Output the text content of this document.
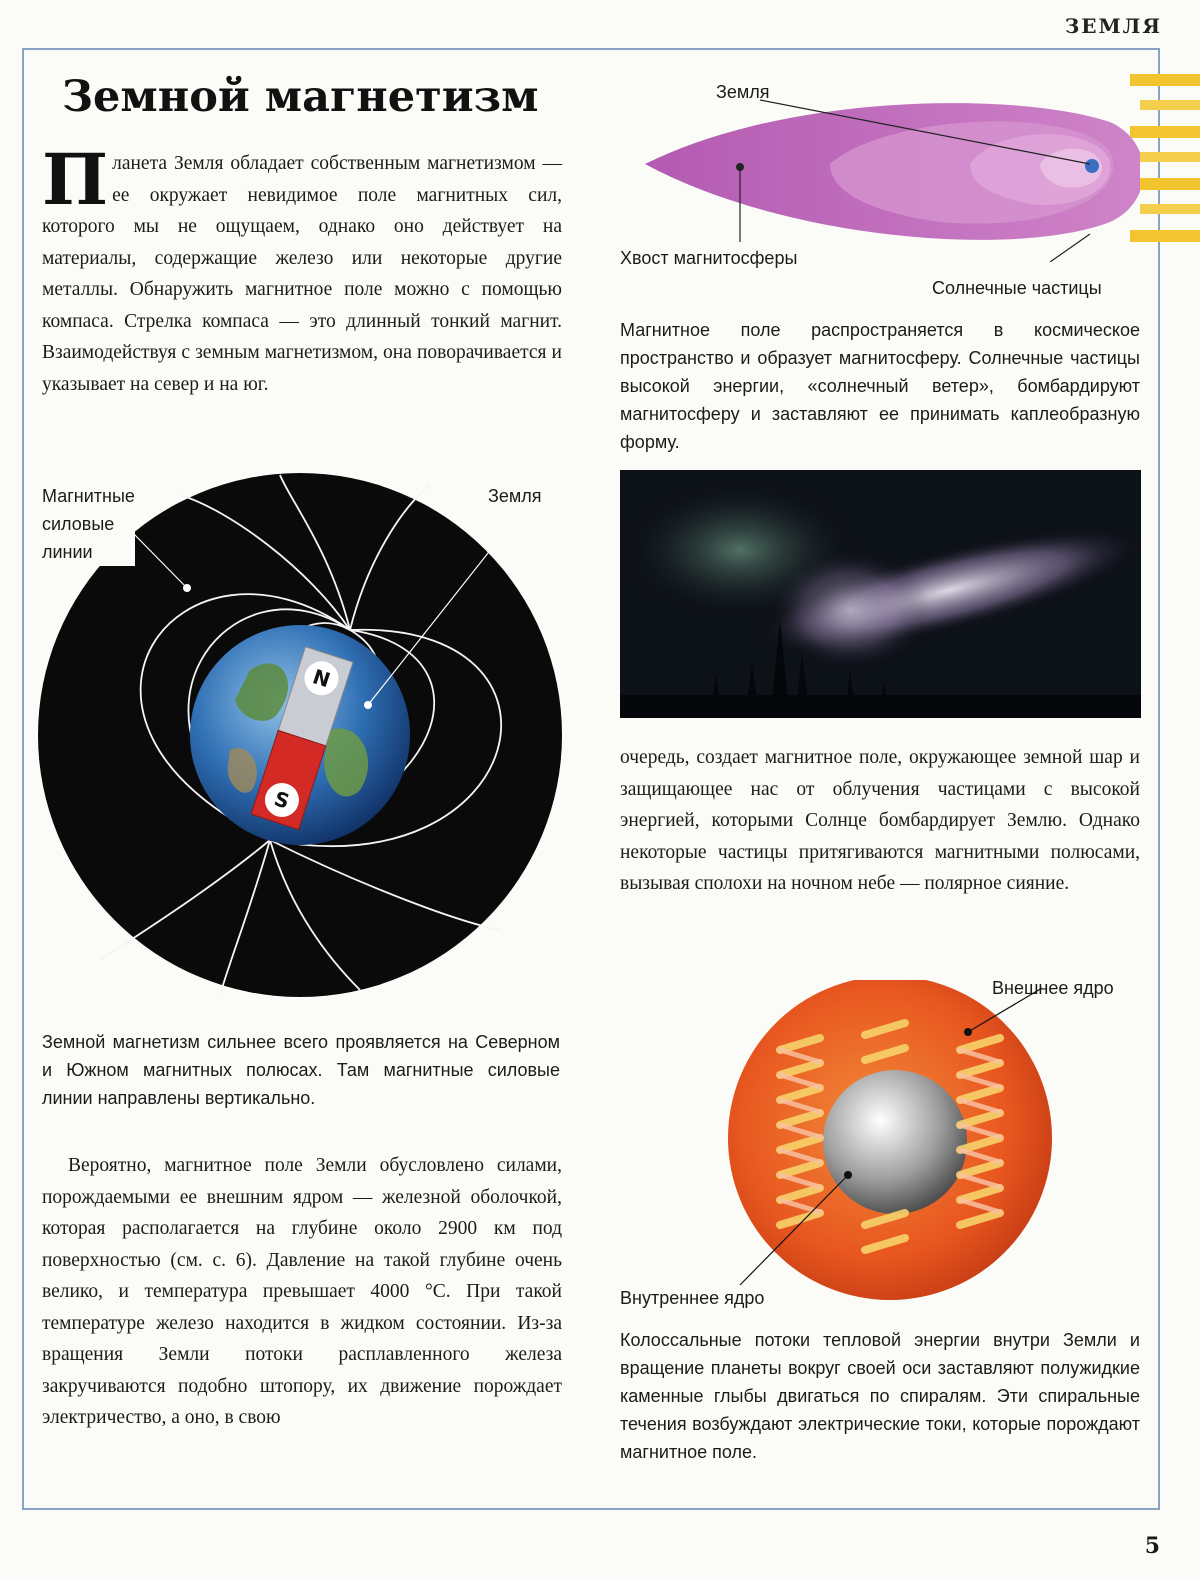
ЗЕМЛЯ
Земной магнетизм

Планета Земля обладает собственным магнетизмом — ее окружает невидимое поле магнитных сил, которого мы не ощущаем, однако оно действует на материалы, содержащие железо или некоторые другие металлы. Обнаружить магнитное поле можно с помощью компаса. Стрелка компаса — это длинный тонкий магнит. Взаимодействуя с земным магнетизмом, она поворачивается и указывает на север и на юг.

N
S

Магнитные
силовые
линии

Земля

Земной магнетизм сильнее всего проявляется на Северном и Южном магнитных полюсах. Там магнитные силовые линии направлены вертикально.

Вероятно, магнитное поле Земли обусловлено силами, порождаемыми ее внешним ядром — железной оболочкой, которая располагается на глубине около 2900 км под поверхностью (см. с. 6). Давление на такой глубине очень велико, и температура превышает 4000 °С. При такой температуре железо находится в жидком состоянии. Из-за вращения Земли потоки расплавленного железа закручиваются подобно штопору, их движение порождает электричество, а оно, в свою

Земля

Хвост магнитосферы

Солнечные частицы

Магнитное поле распространяется в космическое пространство и образует магнитосферу. Солнечные частицы высокой энергии, «солнечный ветер», бомбардируют магнитосферу и заставляют ее принимать каплеобразную форму.

очередь, создает магнитное поле, окружающее земной шар и защищающее нас от облучения частицами с высокой энергией, которыми Солнце бомбардирует Землю. Однако некоторые частицы притягиваются магнитными полюсами, вызывая сполохи на ночном небе — полярное сияние.

Внешнее ядро

Внутреннее ядро

Колоссальные потоки тепловой энергии внутри Земли и вращение планеты вокруг своей оси заставляют полужидкие каменные глыбы двигаться по спиралям. Эти спиральные течения возбуждают электрические токи, которые порождают магнитное поле.

5
